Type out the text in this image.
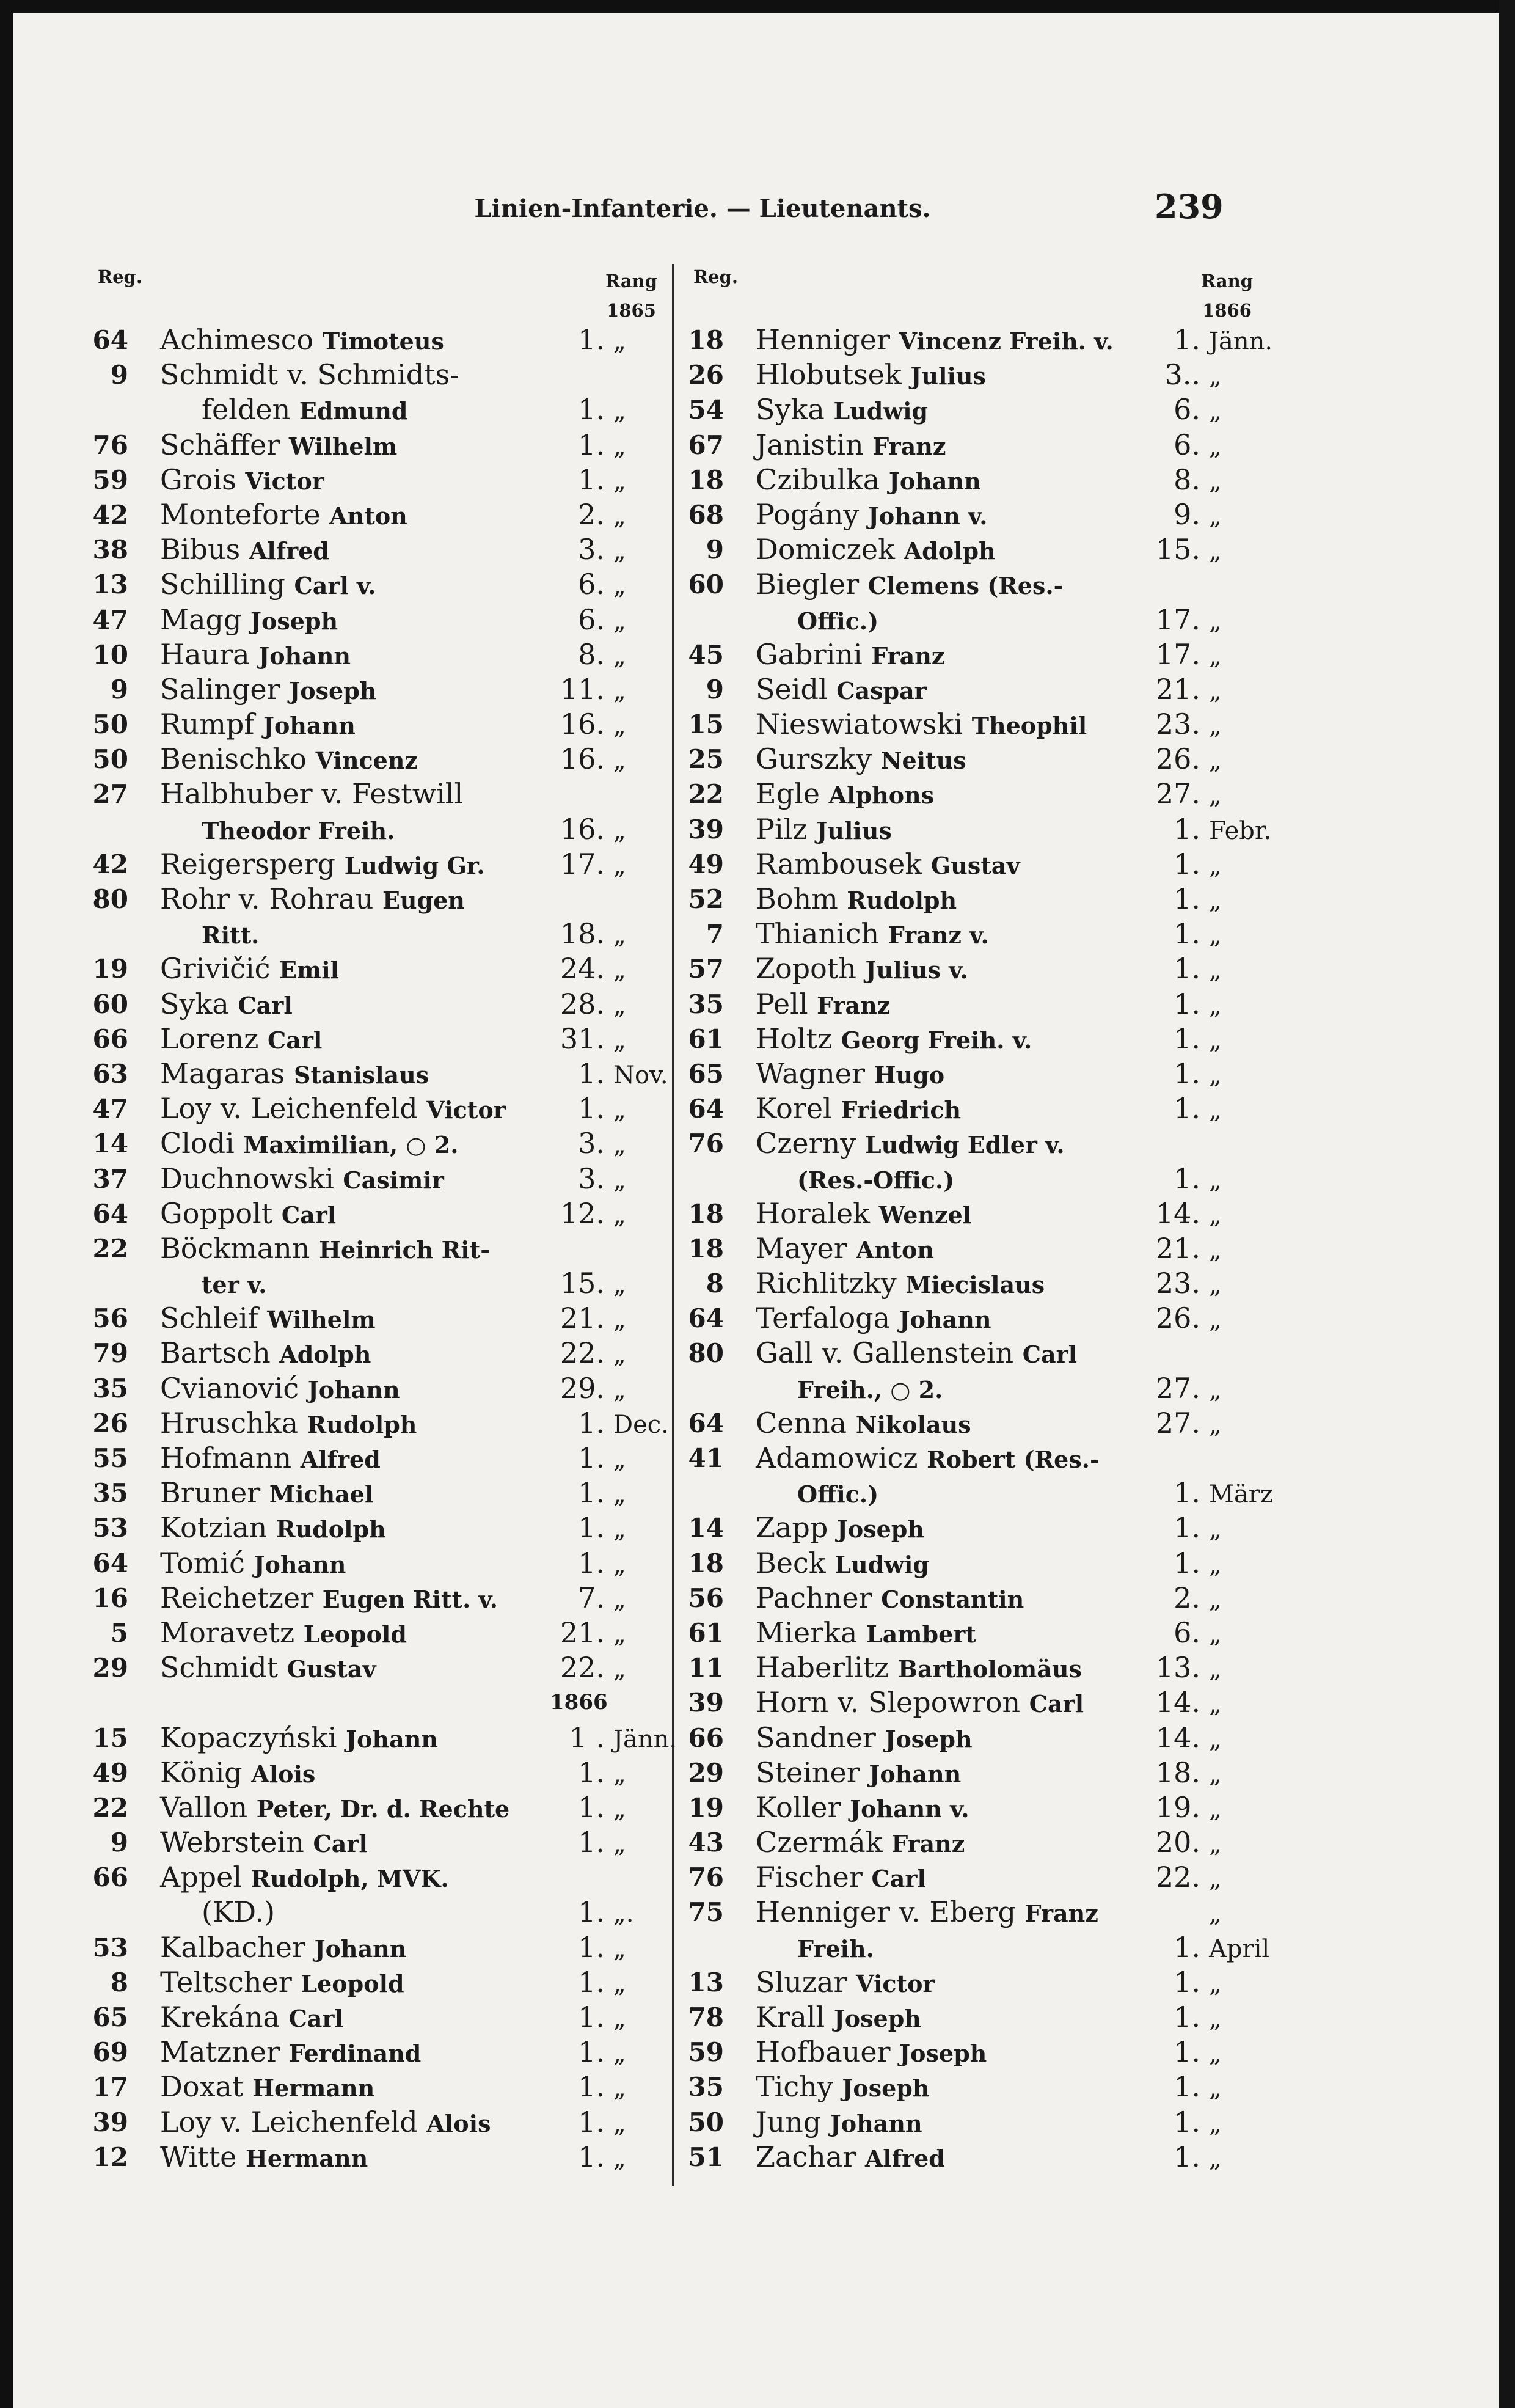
Linien-Infanterie. — Lieutenants.	239
Reg.	Rang
1865
64 Achimesco Timoteus	1. „
9 Schmidt v. Schmidts-
felden Edmund	1. „
76 Schäffer Wilhelm	1. „
59 Grois Victor	1. „
42 Monteforte Anton	2. „
38 Bibus Alfred	3. „
13 Schilling Carl v.	6. „
47 Magg Joseph	6. „
10 Haura Johann	8. „
9 Salinger Joseph	11. „
50 Rumpf Johann	16. „
50 Benischko Vincenz	16. „
27 Halbhuber v. Festwill
Theodor Freih.	16. „
42 Reigersperg Ludwig Gr.	17. „
80 Rohr v. Rohrau Eugen
Ritt.	18. „
19 Grivičić Emil	24. „
60 Syka Carl	28. „
66 Lorenz Carl	31. „
63 Magaras Stanislaus	1. Nov.
47 Loy v. Leichenfeld Victor	1. „
14 Clodi Maximilian, ○ 2.	3. „
37 Duchnowski Casimir	3. „
64 Goppolt Carl	12. „
22 Böckmann Heinrich Rit-
ter v.	15. „
56 Schleif Wilhelm	21. „
79 Bartsch Adolph	22. „
35 Cvianović Johann	29. „
26 Hruschka Rudolph	1. Dec.
55 Hofmann Alfred	1. „
35 Bruner Michael	1. „
53 Kotzian Rudolph	1. „
64 Tomić Johann	1. „
16 Reichetzer Eugen Ritt. v.	7. „
5 Moravetz Leopold	21. „
29 Schmidt Gustav	22. „
1866
15 Kopaczyński Johann	1 . Jänn.
49 König Alois	1. „
22 Vallon Peter, Dr. d. Rechte	1. „
9 Webrstein Carl	1. „
66 Appel Rudolph, MVK.
(KD.)	1. „.
53 Kalbacher Johann	1. „
8 Teltscher Leopold	1. „
65 Krekána Carl	1. „
69 Matzner Ferdinand	1. „
17 Doxat Hermann	1. „
39 Loy v. Leichenfeld Alois	1. „
12 Witte Hermann	1. „
Reg.	Rang
1866
18 Henniger Vincenz Freih. v.	1. Jänn.
26 Hlobutsek Julius	3.. „
54 Syka Ludwig	6. „
67 Janistin Franz	6. „
18 Czibulka Johann	8. „
68 Pogány Johann v.	9. „
9 Domiczek Adolph	15. „
60 Biegler Clemens (Res.-
Offic.)	17. „
45 Gabrini Franz	17. „
9 Seidl Caspar	21. „
15 Nieswiatowski Theophil	23. „
25 Gurszky Neitus	26. „
22 Egle Alphons	27. „
39 Pilz Julius	1. Febr.
49 Rambousek Gustav	1. „
52 Bohm Rudolph	1. „
7 Thianich Franz v.	1. „
57 Zopoth Julius v.	1. „
35 Pell Franz	1. „
61 Holtz Georg Freih. v.	1. „
65 Wagner Hugo	1. „
64 Korel Friedrich	1. „
76 Czerny Ludwig Edler v.
(Res.-Offic.)	1. „
18 Horalek Wenzel	14. „
18 Mayer Anton	21. „
8 Richlitzky Miecislaus	23. „
64 Terfaloga Johann	26. „
80 Gall v. Gallenstein Carl
Freih., ○ 2.	27. „
64 Cenna Nikolaus	27. „
41 Adamowicz Robert (Res.-
Offic.)	1. März
14 Zapp Joseph	1. „
18 Beck Ludwig	1. „
56 Pachner Constantin	2. „
61 Mierka Lambert	6. „
11 Haberlitz Bartholomäus	13. „
39 Horn v. Slepowron Carl	14. „
66 Sandner Joseph	14. „
29 Steiner Johann	18. „
19 Koller Johann v.	19. „
43 Czermák Franz	20. „
76 Fischer Carl	22. „
75 Henniger v. Eberg Franz	„
Freih.	1. April
13 Sluzar Victor	1. „
78 Krall Joseph	1. „
59 Hofbauer Joseph	1. „
35 Tichy Joseph	1. „
50 Jung Johann	1. „
51 Zachar Alfred	1. „
